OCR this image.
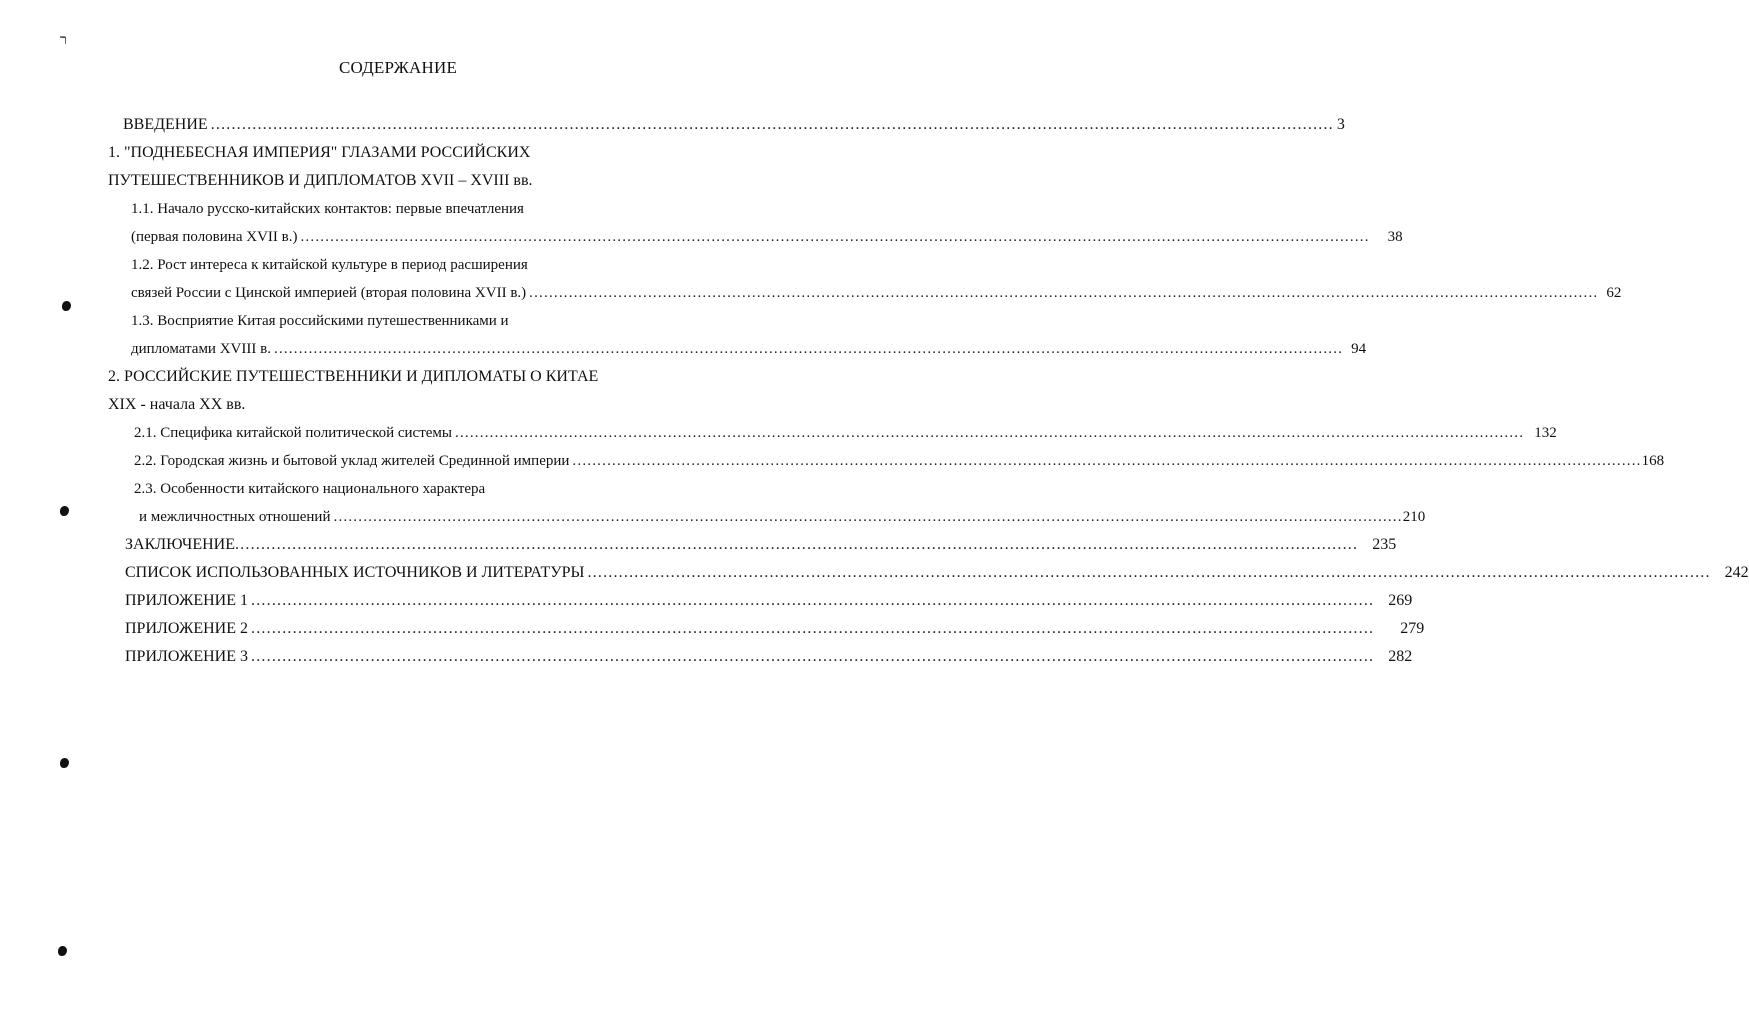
ר
СОДЕРЖАНИЕ
ВВЕДЕНИЕ ........................................................................................................................................................................................................................ 3
1. "ПОДНЕБЕСНАЯ ИМПЕРИЯ" ГЛАЗАМИ РОССИЙСКИХ
ПУТЕШЕСТВЕННИКОВ И ДИПЛОМАТОВ XVII – XVIII вв.
1.1. Начало русско-китайских контактов: первые впечатления
(первая половина XVII в.) ........................................................................................................................................................................................................................ 38
1.2. Рост интереса к китайской культуре в период расширения
связей России с Цинской империей (вторая половина XVII в.) ........................................................................................................................................................................................................................ 62
1.3. Восприятие Китая российскими путешественниками и
дипломатами XVIII в. ........................................................................................................................................................................................................................ 94
2. РОССИЙСКИЕ ПУТЕШЕСТВЕННИКИ И ДИПЛОМАТЫ О КИТАЕ
XIX - начала XX вв.
2.1. Специфика китайской политической системы ........................................................................................................................................................................................................................ 132
2.2. Городская жизнь и бытовой уклад жителей Срединной империи ........................................................................................................................................................................................................................ 168
2.3. Особенности китайского национального характера
и межличностных отношений ........................................................................................................................................................................................................................ 210
ЗАКЛЮЧЕНИЕ ........................................................................................................................................................................................................................ 235
СПИСОК ИСПОЛЬЗОВАННЫХ ИСТОЧНИКОВ И ЛИТЕРАТУРЫ ........................................................................................................................................................................................................................ 242
ПРИЛОЖЕНИЕ 1 ........................................................................................................................................................................................................................ 269
ПРИЛОЖЕНИЕ 2 ........................................................................................................................................................................................................................ 279
ПРИЛОЖЕНИЕ 3 ........................................................................................................................................................................................................................ 282
